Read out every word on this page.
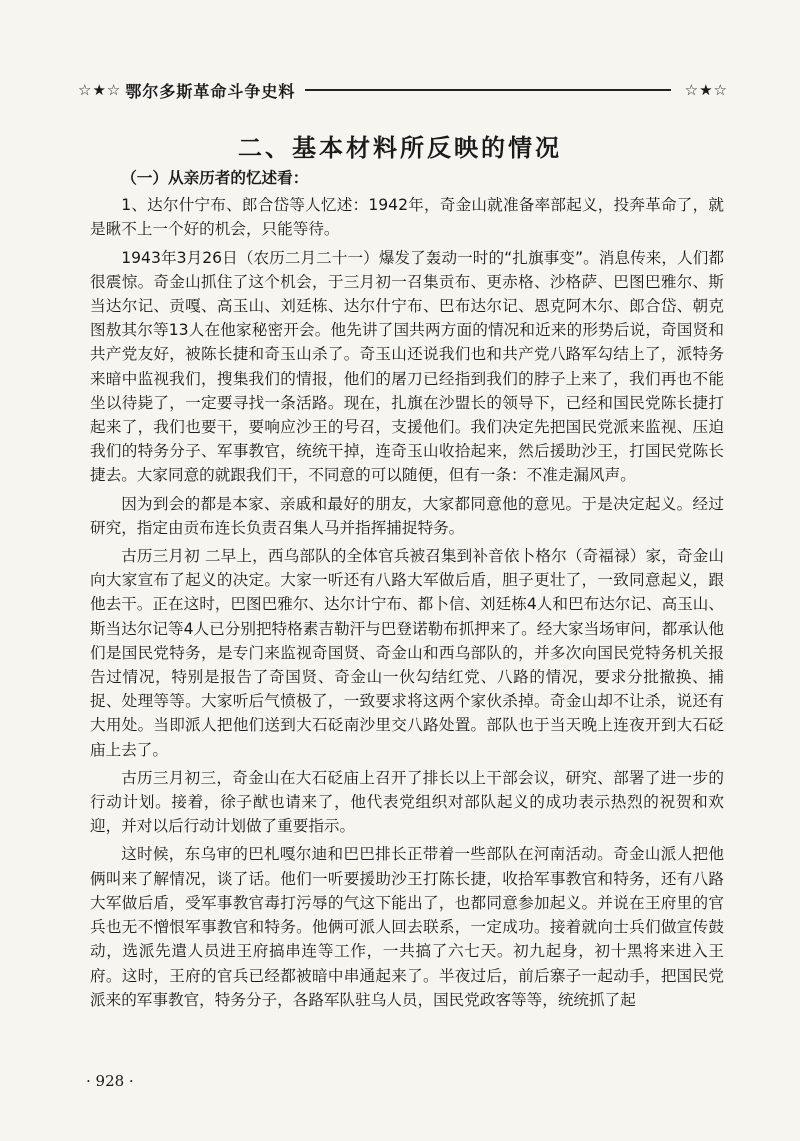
☆★☆ 鄂尔多斯革命斗争史料	☆★☆
二、基本材料所反映的情况
（一）从亲历者的忆述看：

1、达尔什宁布、郎合岱等人忆述：1942年，奇金山就准备率部起义，投奔革命了，就是瞅不上一个好的机会，只能等待。

1943年3月26日（农历二月二十一）爆发了轰动一时的“扎旗事变”。消息传来，人们都很震惊。奇金山抓住了这个机会，于三月初一召集贡布、更赤格、沙格萨、巴图巴雅尔、斯当达尔记、贡嘎、高玉山、刘廷栋、达尔什宁布、巴布达尔记、恩克阿木尔、郎合岱、朝克图敖其尔等13人在他家秘密开会。他先讲了国共两方面的情况和近来的形势后说，奇国贤和共产党友好，被陈长捷和奇玉山杀了。奇玉山还说我们也和共产党八路军勾结上了，派特务来暗中监视我们，搜集我们的情报，他们的屠刀已经指到我们的脖子上来了，我们再也不能坐以待毙了，一定要寻找一条活路。现在，扎旗在沙盟长的领导下，已经和国民党陈长捷打起来了，我们也要干，要响应沙王的号召，支援他们。我们决定先把国民党派来监视、压迫我们的特务分子、军事教官，统统干掉，连奇玉山收拾起来，然后援助沙王，打国民党陈长捷去。大家同意的就跟我们干，不同意的可以随便，但有一条：不准走漏风声。

因为到会的都是本家、亲戚和最好的朋友，大家都同意他的意见。于是决定起义。经过研究，指定由贡布连长负责召集人马并指挥捕捉特务。

古历三月初 二早上，西乌部队的全体官兵被召集到补音依卜格尔（奇福禄）家，奇金山向大家宣布了起义的决定。大家一听还有八路大军做后盾，胆子更壮了，一致同意起义，跟他去干。正在这时，巴图巴雅尔、达尔计宁布、都卜信、刘廷栋4人和巴布达尔记、高玉山、斯当达尔记等4人已分别把特格素吉勒汗与巴登诺勒布抓押来了。经大家当场审问，都承认他们是国民党特务，是专门来监视奇国贤、奇金山和西乌部队的，并多次向国民党特务机关报告过情况，特别是报告了奇国贤、奇金山一伙勾结红党、八路的情况，要求分批撤换、捕捉、处理等等。大家听后气愤极了，一致要求将这两个家伙杀掉。奇金山却不让杀，说还有大用处。当即派人把他们送到大石砭南沙里交八路处置。部队也于当天晚上连夜开到大石砭庙上去了。

古历三月初三，奇金山在大石砭庙上召开了排长以上干部会议，研究、部署了进一步的行动计划。接着，徐子猷也请来了，他代表党组织对部队起义的成功表示热烈的祝贺和欢迎，并对以后行动计划做了重要指示。

这时候，东乌审的巴札嘎尔迪和巴巴排长正带着一些部队在河南活动。奇金山派人把他俩叫来了解情况，谈了话。他们一听要援助沙王打陈长捷，收拾军事教官和特务，还有八路大军做后盾，受军事教官毒打污辱的气这下能出了，也都同意参加起义。并说在王府里的官兵也无不憎恨军事教官和特务。他俩可派人回去联系，一定成功。接着就向士兵们做宣传鼓动，选派先遣人员进王府搞串连等工作，一共搞了六七天。初九起身，初十黑将来进入王府。这时，王府的官兵已经都被暗中串通起来了。半夜过后，前后寨子一起动手，把国民党派来的军事教官，特务分子，各路军队驻乌人员，国民党政客等等，统统抓了起

· 928 ·
